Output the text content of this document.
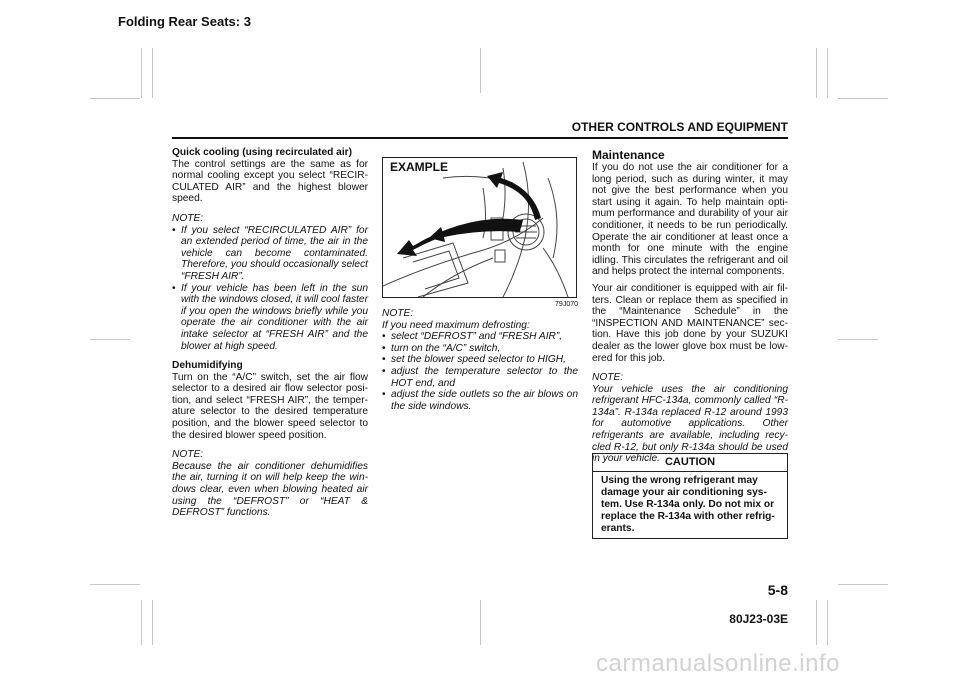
Folding Rear Seats: 3

OTHER CONTROLS AND EQUIPMENT

Quick cooling (using recirculated air)

The control settings are the same as for normal cooling except you select “RECIR-CULATED AIR” and the highest blower speed.

NOTE:

• If you select “RECIRCULATED AIR” for an extended period of time, the air in the vehicle can become contaminated. Therefore, you should occasionally select “FRESH AIR”.
• If your vehicle has been left in the sun with the windows closed, it will cool faster if you open the windows briefly while you operate the air conditioner with the air intake selector at “FRESH AIR” and the blower at high speed.

Dehumidifying

Turn on the “A/C” switch, set the air flow selector to a desired air flow selector posi-tion, and select “FRESH AIR”, the temper-ature selector to the desired temperature position, and the blower speed selector to the desired blower speed position.

NOTE:

Because the air conditioner dehumidifies the air, turning it on will help keep the win-dows clear, even when blowing heated air using the “DEFROST” or “HEAT & DEFROST” functions.

EXAMPLE

79J070

NOTE:

If you need maximum defrosting:

• select “DEFROST” and “FRESH AIR”,
• turn on the “A/C” switch,
• set the blower speed selector to HIGH,
• adjust the temperature selector to the HOT end, and
• adjust the side outlets so the air blows on the side windows.

Maintenance

If you do not use the air conditioner for a long period, such as during winter, it may not give the best performance when you start using it again. To help maintain opti-mum performance and durability of your air conditioner, it needs to be run periodically. Operate the air conditioner at least once a month for one minute with the engine idling. This circulates the refrigerant and oil and helps protect the internal components.

Your air conditioner is equipped with air fil-ters. Clean or replace them as specified in the “Maintenance Schedule” in the “INSPECTION AND MAINTENANCE” sec-tion. Have this job done by your SUZUKI dealer as the lower glove box must be low-ered for this job.

NOTE:

Your vehicle uses the air conditioning refrigerant HFC-134a, commonly called “R-134a”. R-134a replaced R-12 around 1993 for automotive applications. Other refrigerants are available, including recy-cled R-12, but only R-134a should be used in your vehicle. CAUTION

Using the wrong refrigerant may damage your air conditioning sys-tem. Use R-134a only. Do not mix or replace the R-134a with other refrig-erants.

5-8

80J23-03E

carmanualsonline.info
